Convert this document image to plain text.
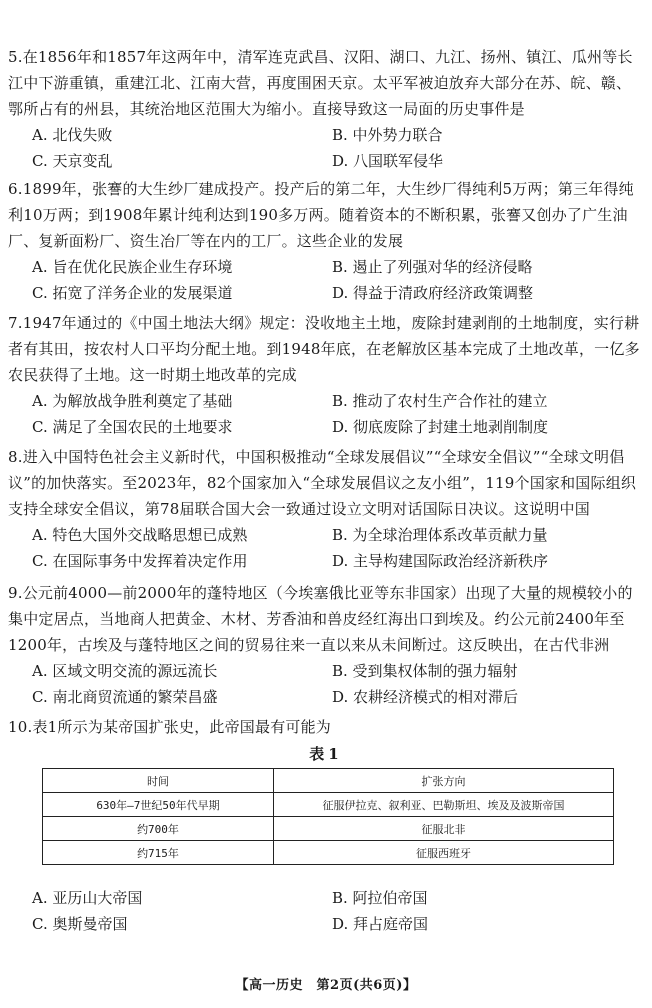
5.在1856年和1857年这两年中，清军连克武昌、汉阳、湖口、九江、扬州、镇江、瓜州等长江中下游重镇，重建江北、江南大营，再度围困天京。太平军被迫放弃大部分在苏、皖、赣、鄂所占有的州县，其统治地区范围大为缩小。直接导致这一局面的历史事件是

A. 北伐失败	B. 中外势力联合
C. 天京变乱	D. 八国联军侵华

6.1899年，张謇的大生纱厂建成投产。投产后的第二年，大生纱厂得纯利5万两；第三年得纯利10万两；到1908年累计纯利达到190多万两。随着资本的不断积累，张謇又创办了广生油厂、复新面粉厂、资生冶厂等在内的工厂。这些企业的发展

A. 旨在优化民族企业生存环境	B. 遏止了列强对华的经济侵略
C. 拓宽了洋务企业的发展渠道	D. 得益于清政府经济政策调整

7.1947年通过的《中国土地法大纲》规定：没收地主土地，废除封建剥削的土地制度，实行耕者有其田，按农村人口平均分配土地。到1948年底，在老解放区基本完成了土地改革，一亿多农民获得了土地。这一时期土地改革的完成

A. 为解放战争胜利奠定了基础	B. 推动了农村生产合作社的建立
C. 满足了全国农民的土地要求	D. 彻底废除了封建土地剥削制度

8.进入中国特色社会主义新时代，中国积极推动“全球发展倡议”“全球安全倡议”“全球文明倡议”的加快落实。至2023年，82个国家加入“全球发展倡议之友小组”，119个国家和国际组织支持全球安全倡议，第78届联合国大会一致通过设立文明对话国际日决议。这说明中国

A. 特色大国外交战略思想已成熟	B. 为全球治理体系改革贡献力量
C. 在国际事务中发挥着决定作用	D. 主导构建国际政治经济新秩序

9.公元前4000—前2000年的蓬特地区（今埃塞俄比亚等东非国家）出现了大量的规模较小的集中定居点，当地商人把黄金、木材、芳香油和兽皮经红海出口到埃及。约公元前2400年至1200年，古埃及与蓬特地区之间的贸易往来一直以来从未间断过。这反映出，在古代非洲

A. 区域文明交流的源远流长	B. 受到集权体制的强力辐射
C. 南北商贸流通的繁荣昌盛	D. 农耕经济模式的相对滞后

10.表1所示为某帝国扩张史，此帝国最有可能为

表1
时间	扩张方向
630年—7世纪50年代早期	征服伊拉克、叙利亚、巴勒斯坦、埃及及波斯帝国
约700年	征服北非
约715年	征服西班牙
A. 亚历山大帝国	B. 阿拉伯帝国
C. 奥斯曼帝国	D. 拜占庭帝国
【高一历史　第2页(共6页)】
